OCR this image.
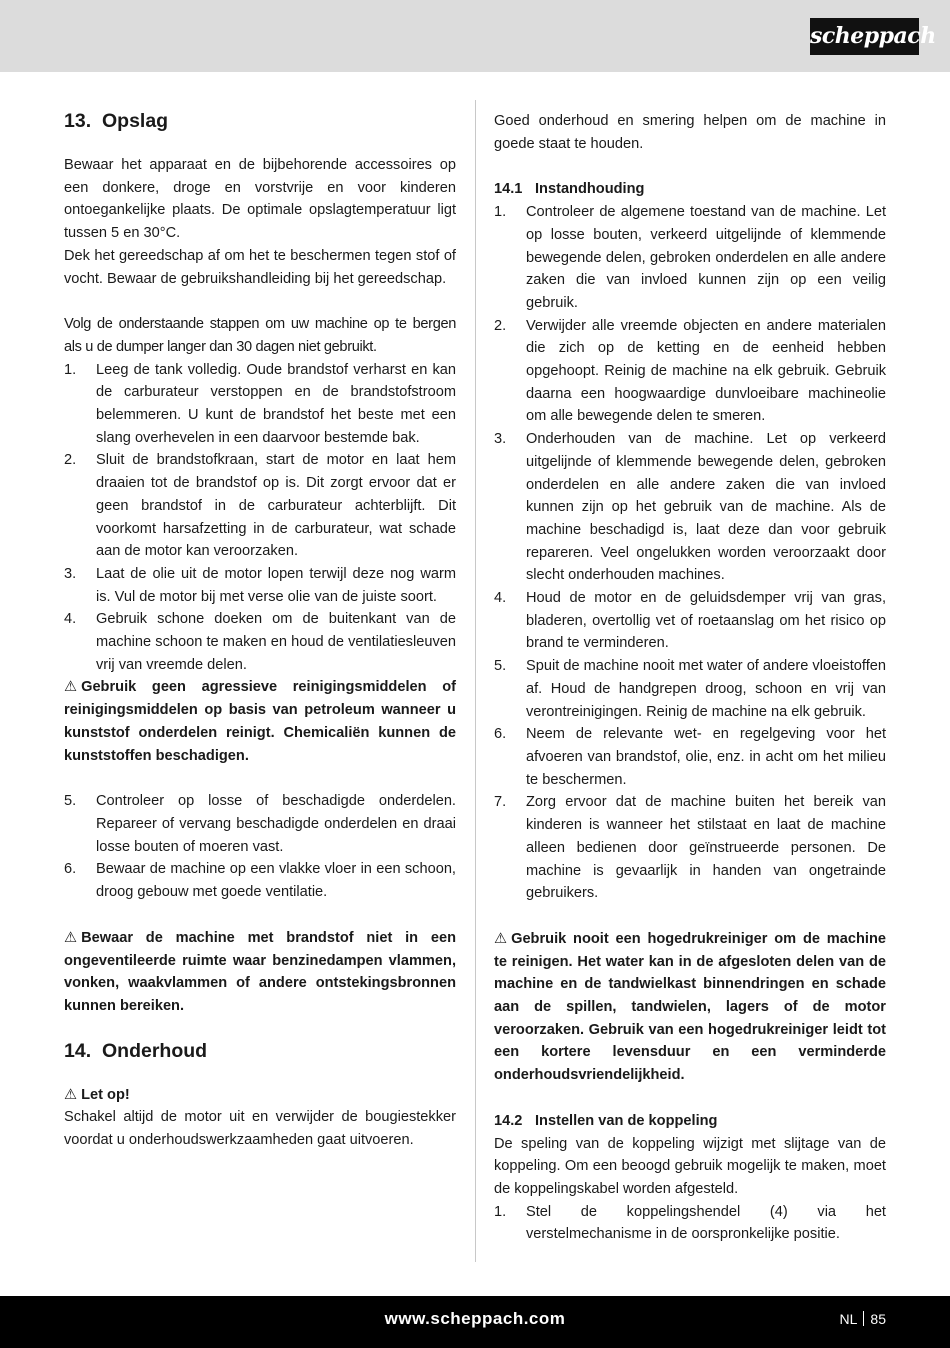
scheppach
13. Opslag

Bewaar het apparaat en de bijbehorende accessoires op een donkere, droge en vorstvrije en voor kinderen ontoegankelijke plaats. De optimale opslagtemperatuur ligt tussen 5 en 30°C.

Dek het gereedschap af om het te beschermen tegen stof of vocht. Bewaar de gebruikshandleiding bij het gereedschap.

Volg de onderstaande stappen om uw machine op te bergen als u de dumper langer dan 30 dagen niet gebruikt.

1.	Leeg de tank volledig. Oude brandstof verharst en kan de carburateur verstoppen en de brandstofstroom belemmeren. U kunt de brandstof het beste met een slang overhevelen in een daarvoor bestemde bak.
2.	Sluit de brandstofkraan, start de motor en laat hem draaien tot de brandstof op is. Dit zorgt ervoor dat er geen brandstof in de carburateur achterblijft. Dit voorkomt harsafzetting in de carburateur, wat schade aan de motor kan veroorzaken.
3.	Laat de olie uit de motor lopen terwijl deze nog warm is. Vul de motor bij met verse olie van de juiste soort.
4.	Gebruik schone doeken om de buitenkant van de machine schoon te maken en houd de ventilatiesleuven vrij van vreemde delen.

⚠ Gebruik geen agressieve reinigingsmiddelen of reinigingsmiddelen op basis van petroleum wanneer u kunststof onderdelen reinigt. Chemicaliën kunnen de kunststoffen beschadigen.

5.	Controleer op losse of beschadigde onderdelen. Repareer of vervang beschadigde onderdelen en draai losse bouten of moeren vast.
6.	Bewaar de machine op een vlakke vloer in een schoon, droog gebouw met goede ventilatie.

⚠ Bewaar de machine met brandstof niet in een ongeventileerde ruimte waar benzinedampen vlammen, vonken, waakvlammen of andere ontstekingsbronnen kunnen bereiken.

14. Onderhoud

⚠ Let op!

Schakel altijd de motor uit en verwijder de bougiestekker voordat u onderhoudswerkzaamheden gaat uitvoeren.

Goed onderhoud en smering helpen om de machine in goede staat te houden.

14.1 Instandhouding
1.	Controleer de algemene toestand van de machine. Let op losse bouten, verkeerd uitgelijnde of klemmende bewegende delen, gebroken onderdelen en alle andere zaken die van invloed kunnen zijn op een veilig gebruik.
2.	Verwijder alle vreemde objecten en andere materialen die zich op de ketting en de eenheid hebben opgehoopt. Reinig de machine na elk gebruik. Gebruik daarna een hoogwaardige dunvloeibare machineolie om alle bewegende delen te smeren.
3.	Onderhouden van de machine. Let op verkeerd uitgelijnde of klemmende bewegende delen, gebroken onderdelen en alle andere zaken die van invloed kunnen zijn op het gebruik van de machine. Als de machine beschadigd is, laat deze dan voor gebruik repareren. Veel ongelukken worden veroorzaakt door slecht onderhouden machines.
4.	Houd de motor en de geluidsdemper vrij van gras, bladeren, overtollig vet of roetaanslag om het risico op brand te verminderen.
5.	Spuit de machine nooit met water of andere vloeistoffen af. Houd de handgrepen droog, schoon en vrij van verontreinigingen. Reinig de machine na elk gebruik.
6.	Neem de relevante wet- en regelgeving voor het afvoeren van brandstof, olie, enz. in acht om het milieu te beschermen.
7.	Zorg ervoor dat de machine buiten het bereik van kinderen is wanneer het stilstaat en laat de machine alleen bedienen door geïnstrueerde personen. De machine is gevaarlijk in handen van ongetrainde gebruikers.

⚠ Gebruik nooit een hogedrukreiniger om de machine te reinigen. Het water kan in de afgesloten delen van de machine en de tandwielkast binnendringen en schade aan de spillen, tandwielen, lagers of de motor veroorzaken. Gebruik van een hogedrukreiniger leidt tot een kortere levensduur en een verminderde onderhoudsvriendelijkheid.

14.2 Instellen van de koppeling

De speling van de koppeling wijzigt met slijtage van de koppeling. Om een beoogd gebruik mogelijk te maken, moet de koppelingskabel worden afgesteld.

1.	Stel de koppelingshendel (4) via het verstelmechanisme in de oorspronkelijke positie.
www.scheppach.com	NL 85
